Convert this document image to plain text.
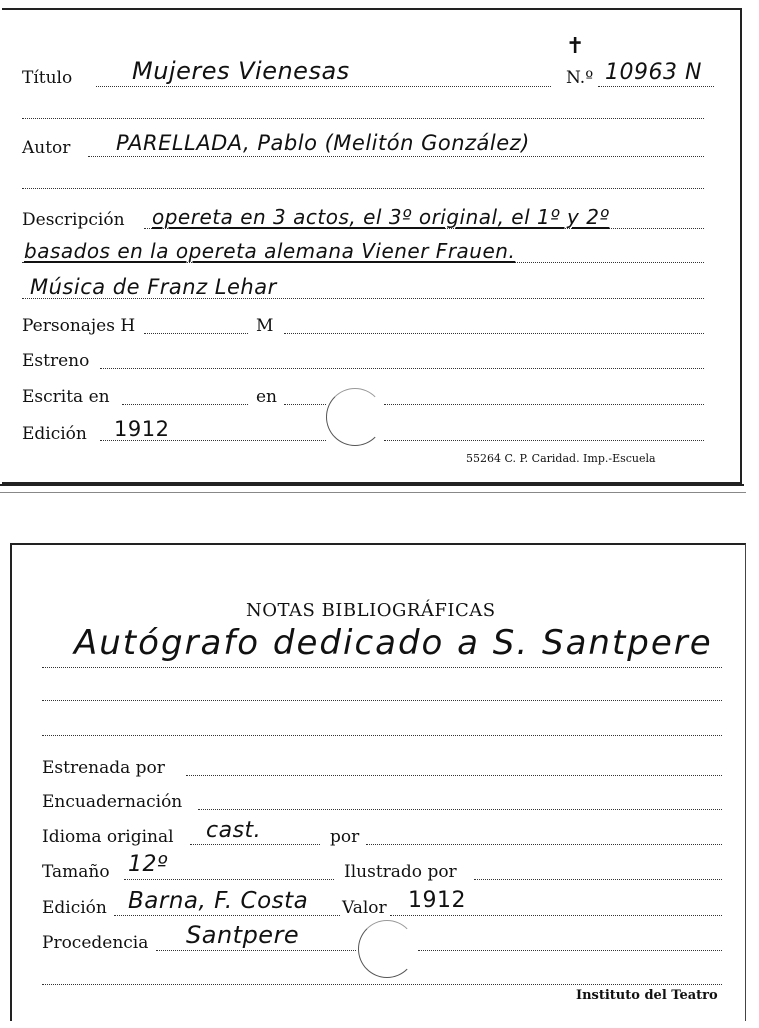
Título Mujeres Vienesas
✝
N.º 10963 N
Autor PARELLADA, Pablo (Melitón González)
Descripción opereta en 3 actos, el 3º original, el 1º y 2º
basados en la opereta alemana Viener Frauen.
Música de Franz Lehar
Personajes H	M
Estreno
Escrita en	en
Edición 1912
55264 C. P. Caridad. Imp.-Escuela
NOTAS BIBLIOGRÁFICAS
Autógrafo dedicado a S. Santpere
Estrenada por
Encuadernación
Idioma original cast.	por
Tamaño 12º	Ilustrado por
Edición Barna, F. Costa Valor 1912
Procedencia Santpere
Instituto del Teatro
